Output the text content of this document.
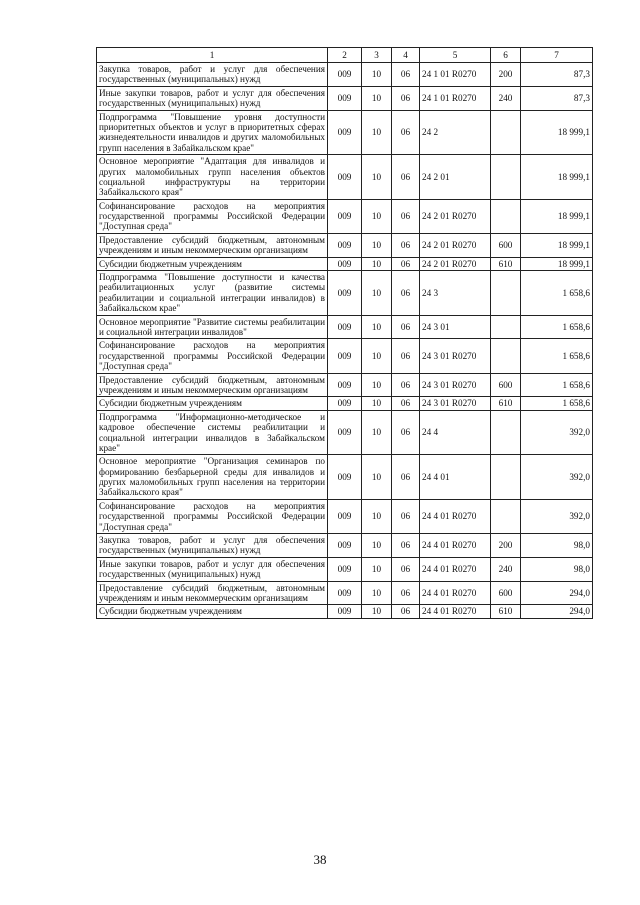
1	2	3	4	5	6	7
Закупка товаров, работ и услуг для обеспечения государственных (муниципальных) нужд	009	10	06	24 1 01 R0270	200	87,3
Иные закупки товаров, работ и услуг для обеспечения государственных (муниципальных) нужд	009	10	06	24 1 01 R0270	240	87,3
Подпрограмма "Повышение уровня доступности приоритетных объектов и услуг в приоритетных сферах жизнедеятельности инвалидов и других маломобильных групп населения в Забайкальском крае"	009	10	06	24 2		18 999,1
Основное мероприятие "Адаптация для инвалидов и других маломобильных групп населения объектов социальной инфраструктуры на территории Забайкальского края"	009	10	06	24 2 01		18 999,1
Софинансирование расходов на мероприятия государственной программы Российской Федерации "Доступная среда"	009	10	06	24 2 01 R0270		18 999,1
Предоставление субсидий бюджетным, автономным учреждениям и иным некоммерческим организациям	009	10	06	24 2 01 R0270	600	18 999,1
Субсидии бюджетным учреждениям	009	10	06	24 2 01 R0270	610	18 999,1
Подпрограмма "Повышение доступности и качества реабилитационных услуг (развитие системы реабилитации и социальной интеграции инвалидов) в Забайкальском крае"	009	10	06	24 3		1 658,6
Основное мероприятие "Развитие системы реабилитации и социальной интеграции инвалидов"	009	10	06	24 3 01		1 658,6
Софинансирование расходов на мероприятия государственной программы Российской Федерации "Доступная среда"	009	10	06	24 3 01 R0270		1 658,6
Предоставление субсидий бюджетным, автономным учреждениям и иным некоммерческим организациям	009	10	06	24 3 01 R0270	600	1 658,6
Субсидии бюджетным учреждениям	009	10	06	24 3 01 R0270	610	1 658,6
Подпрограмма "Информационно-методическое и кадровое обеспечение системы реабилитации и социальной интеграции инвалидов в Забайкальском крае"	009	10	06	24 4		392,0
Основное мероприятие "Организация семинаров по формированию безбарьерной среды для инвалидов и других маломобильных групп населения на территории Забайкальского края"	009	10	06	24 4 01		392,0
Софинансирование расходов на мероприятия государственной программы Российской Федерации "Доступная среда"	009	10	06	24 4 01 R0270		392,0
Закупка товаров, работ и услуг для обеспечения государственных (муниципальных) нужд	009	10	06	24 4 01 R0270	200	98,0
Иные закупки товаров, работ и услуг для обеспечения государственных (муниципальных) нужд	009	10	06	24 4 01 R0270	240	98,0
Предоставление субсидий бюджетным, автономным учреждениям и иным некоммерческим организациям	009	10	06	24 4 01 R0270	600	294,0
Субсидии бюджетным учреждениям	009	10	06	24 4 01 R0270	610	294,0
38
